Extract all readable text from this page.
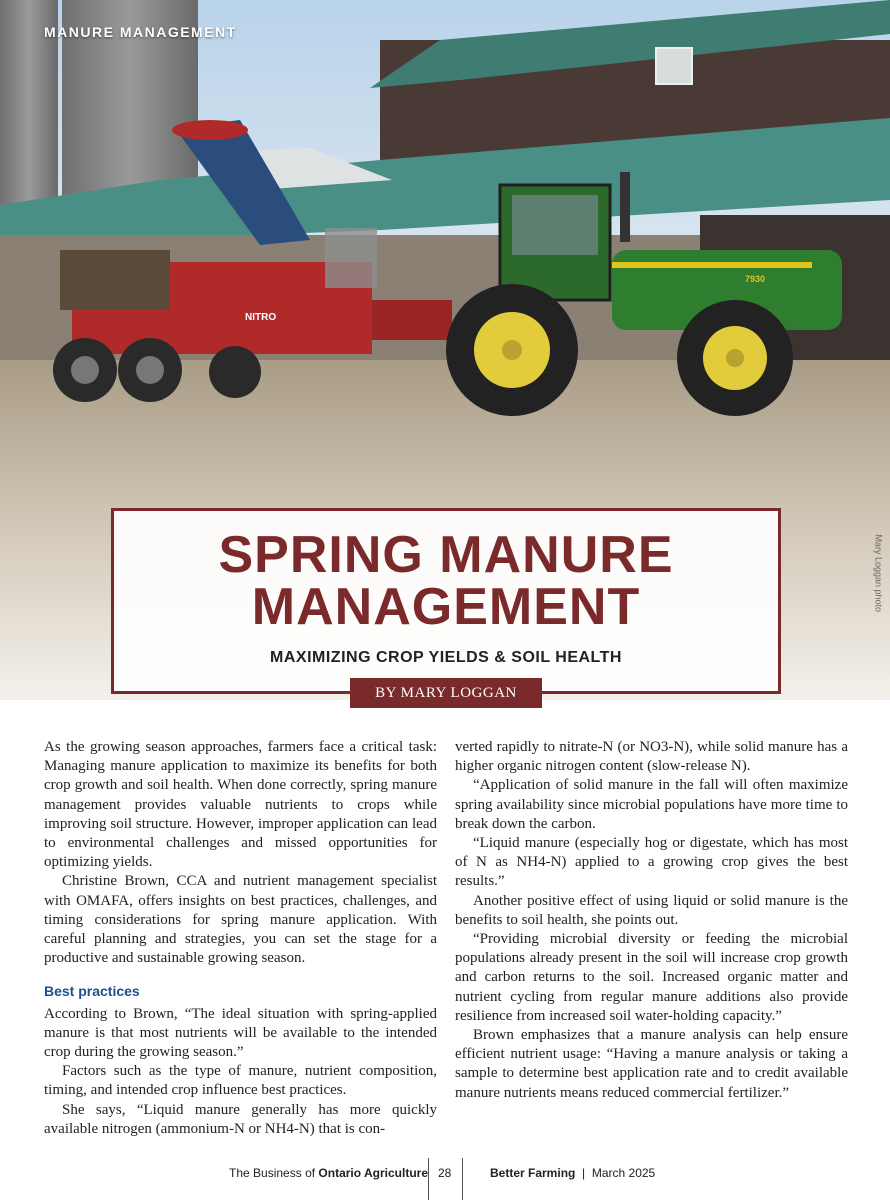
NITRO
7930
MANURE MANAGEMENT
Mary Loggan photo
SPRING MANURE
MANAGEMENT
MAXIMIZING CROP YIELDS & SOIL HEALTH
BY MARY LOGGAN

As the growing season approaches, farmers face a critical task: Managing manure application to maximize its benefits for both crop growth and soil health. When done correctly, spring manure management provides valuable nutrients to crops while improving soil structure. However, improper application can lead to environmental challenges and missed opportunities for optimizing yields.

Christine Brown, CCA and nutrient management specialist with OMAFA, offers insights on best practices, challenges, and timing considerations for spring manure application. With careful planning and strategies, you can set the stage for a productive and sustainable growing season.

Best practices

According to Brown, “The ideal situation with spring-applied manure is that most nutrients will be available to the intended crop during the growing season.”

Factors such as the type of manure, nutrient composition, timing, and intended crop influence best practices.

She says, “Liquid manure generally has more quickly available nitrogen (ammonium-N or NH4-N) that is con-

verted rapidly to nitrate-N (or NO3-N), while solid manure has a higher organic nitrogen content (slow-release N).

“Application of solid manure in the fall will often maximize spring availability since microbial populations have more time to break down the carbon.

“Liquid manure (especially hog or digestate, which has most of N as NH4-N) applied to a growing crop gives the best results.”

Another positive effect of using liquid or solid manure is the benefits to soil health, she points out.

“Providing microbial diversity or feeding the microbial populations already present in the soil will increase crop growth and carbon returns to the soil. Increased organic matter and nutrient cycling from regular manure additions also provide resilience from increased soil water-holding capacity.”

Brown emphasizes that a manure analysis can help ensure efficient nutrient usage: “Having a manure analysis or taking a sample to determine best application rate and to credit available manure nutrients means reduced commercial fertilizer.”

The Business of Ontario Agriculture 28	Better Farming  |  March 2025
